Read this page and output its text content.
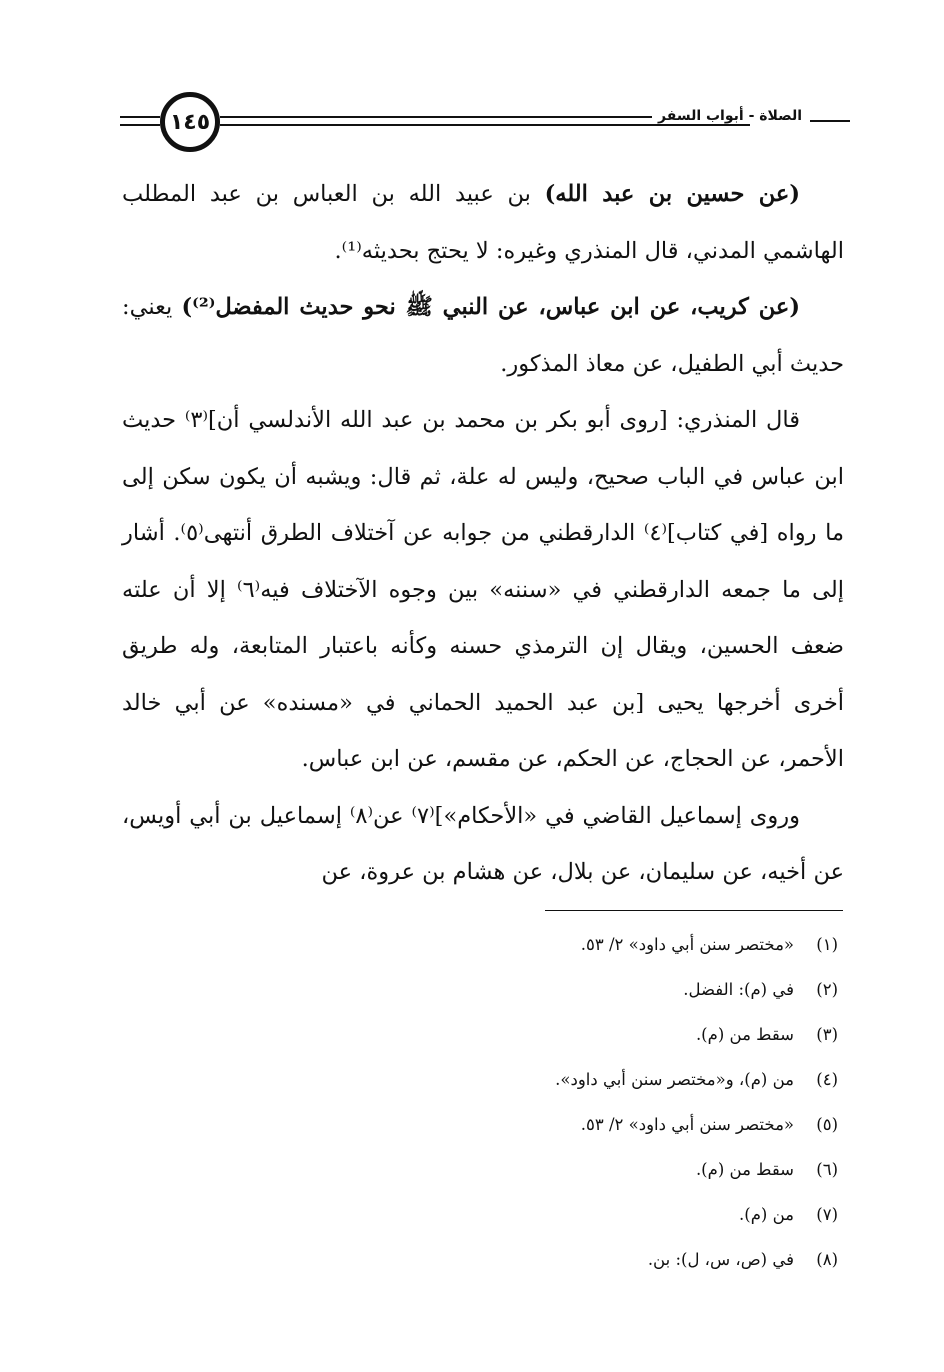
١٤٥	الصلاة - أبواب السفر

(عن حسين بن عبد الله) بن عبيد الله بن العباس بن عبد المطلب الهاشمي المدني، قال المنذري وغيره: لا يحتج بحديثه⁽¹⁾.

(عن كريب، عن ابن عباس، عن النبي ﷺ نحو حديث المفضل⁽²⁾) يعني: حديث أبي الطفيل، عن معاذ المذكور.

قال المنذري: [روى أبو بكر بن محمد بن عبد الله الأندلسي أن]⁽٣⁾ حديث ابن عباس في الباب صحيح، وليس له علة، ثم قال: ويشبه أن يكون سكن إلى ما رواه [في كتاب]⁽٤⁾ الدارقطني من جوابه عن آختلاف الطرق أنتهى⁽٥⁾. أشار إلى ما جمعه الدارقطني في «سننه» بين وجوه الآختلاف فيه⁽٦⁾ إلا أن علته ضعف الحسين، ويقال إن الترمذي حسنه وكأنه باعتبار المتابعة، وله طريق أخرى أخرجها يحيى [بن عبد الحميد الحماني في «مسنده» عن أبي خالد الأحمر، عن الحجاج، عن الحكم، عن مقسم، عن ابن عباس.

وروى إسماعيل القاضي في «الأحكام»]⁽٧⁾ عن⁽٨⁾ إسماعيل بن أبي أويس، عن أخيه، عن سليمان، عن بلال، عن هشام بن عروة، عن

(١)«مختصر سنن أبي داود» ٢/ ٥٣.
(٢)في (م): الفضل.
(٣)سقط من (م).
(٤)من (م)، و«مختصر سنن أبي داود».
(٥)«مختصر سنن أبي داود» ٢/ ٥٣.
(٦)سقط من (م).
(٧)من (م).
(٨)في (ص، س، ل): بن.
